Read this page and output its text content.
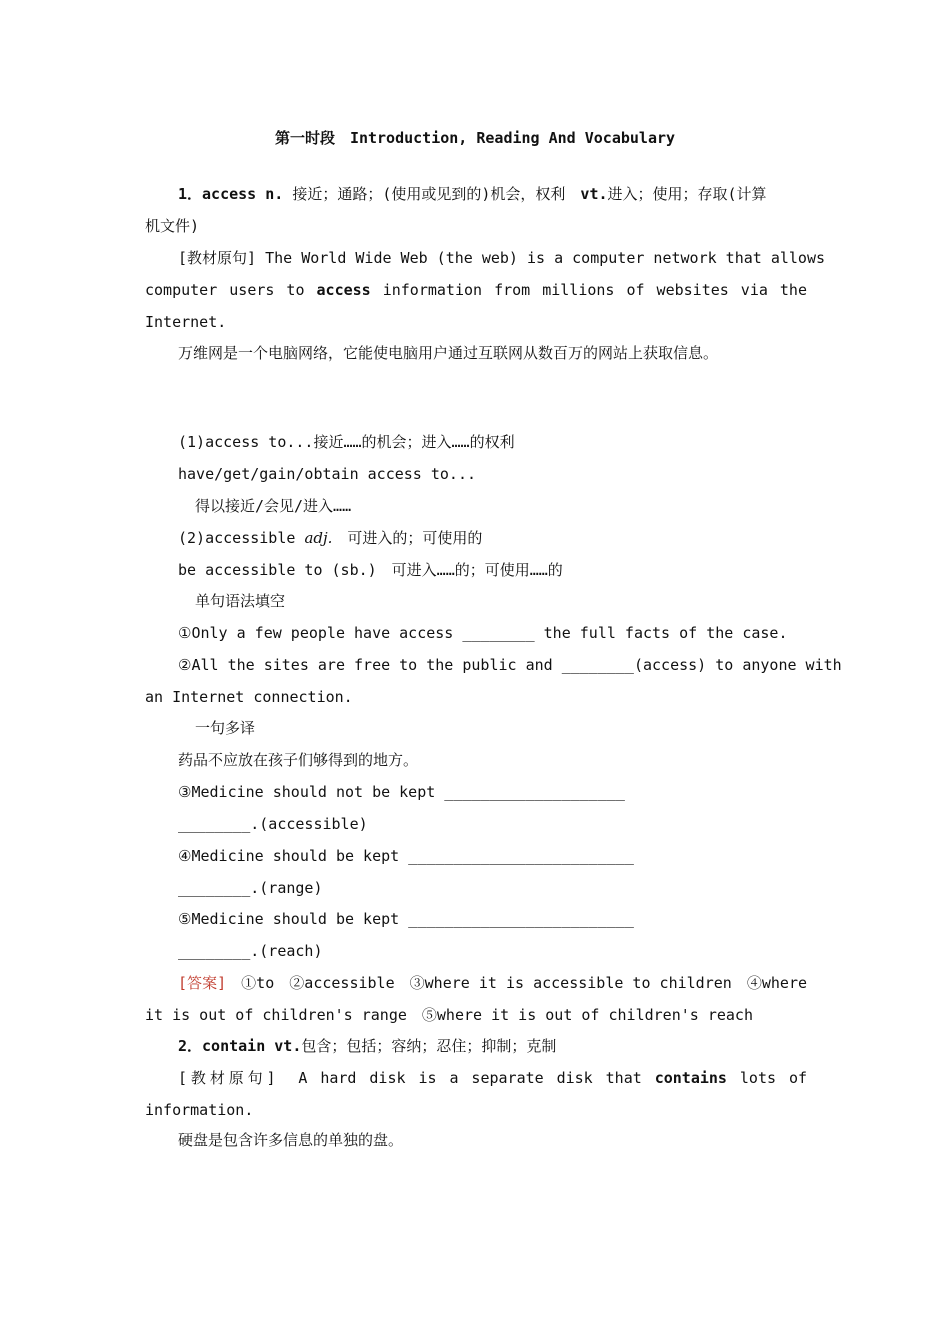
第一时段　Introduction, Reading And Vocabulary
1．access n. 接近；通路；(使用或见到的)机会，权利　vt.进入；使用；存取(计算
机文件)
[教材原句] The World Wide Web (the web) is a computer network that allows
computer users to access information from millions of websites via the
Internet.
万维网是一个电脑网络，它能使电脑用户通过互联网从数百万的网站上获取信息。
(1)access to...接近……的机会；进入……的权利
have/get/gain/obtain access to...
得以接近/会见/进入……
(2)accessible adj.　可进入的；可使用的
be accessible to (sb.)　可进入……的；可使用……的
单句语法填空
①Only a few people have access ________ the full facts of the case.
②All the sites are free to the public and ________(access) to anyone with
an Internet connection.
一句多译
药品不应放在孩子们够得到的地方。
③Medicine should not be kept ____________________
________.(accessible)
④Medicine should be kept _________________________
________.(range)
⑤Medicine should be kept _________________________
________.(reach)
[答案]　①to　②accessible　③where it is accessible to children　④where
it is out of children's range　⑤where it is out of children's reach
2．contain vt.包含；包括；容纳；忍住；抑制；克制
[教材原句]　A hard disk is a separate disk that contains lots of
information.
硬盘是包含许多信息的单独的盘。
